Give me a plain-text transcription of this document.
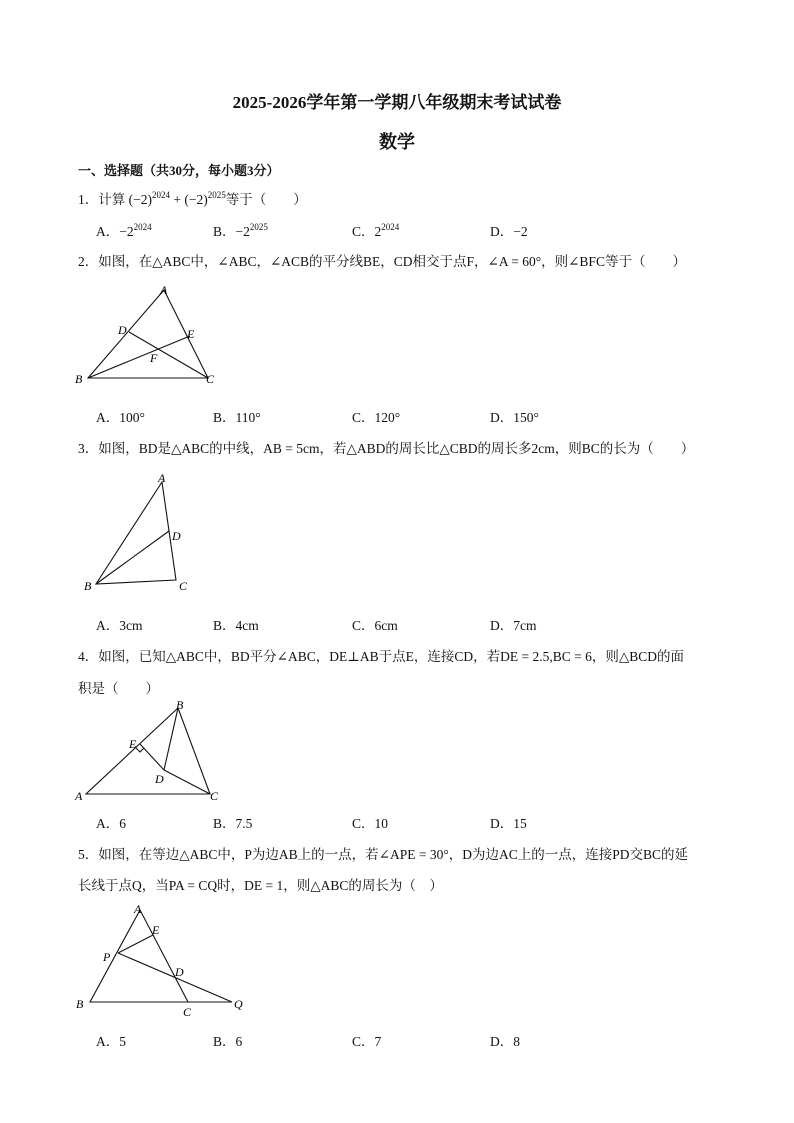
2025-2026学年第一学期八年级期末考试试卷
数学
一、选择题（共30分，每小题3分）
1．计算 $(-2)^{2024} + (-2)^{2025}$等于（　　）
A．$-2^{2024}$	B．$-2^{2025}$	C．$2^{2024}$	D．−2
2．如图，在△ABC中，∠ABC，∠ACB的平分线BE，CD相交于点F，∠A = 60°，则∠BFC等于（　　）
A
B	C
D	E
F
A．100°	B．110°	C．120°	D．150°
3．如图，BD是△ABC的中线，AB = 5cm，若△ABD的周长比△CBD的周长多2cm，则BC的长为（　　）
A
B	C
D
A．3cm	B．4cm	C．6cm	D．7cm
4．如图，已知△ABC中，BD平分∠ABC，DE⊥AB于点E，连接CD，若DE = 2.5,BC = 6，则△BCD的面
积是（　　）
A
B
C
D
E
A．6	B．7.5	C．10	D．15
5．如图，在等边△ABC中，P为边AB上的一点，若∠APE = 30°，D为边AC上的一点，连接PD交BC的延
长线于点Q，当PA = CQ时，DE = 1，则△ABC的周长为（　）
A
B
C
D
E
P
Q
A．5	B．6	C．7	D．8
